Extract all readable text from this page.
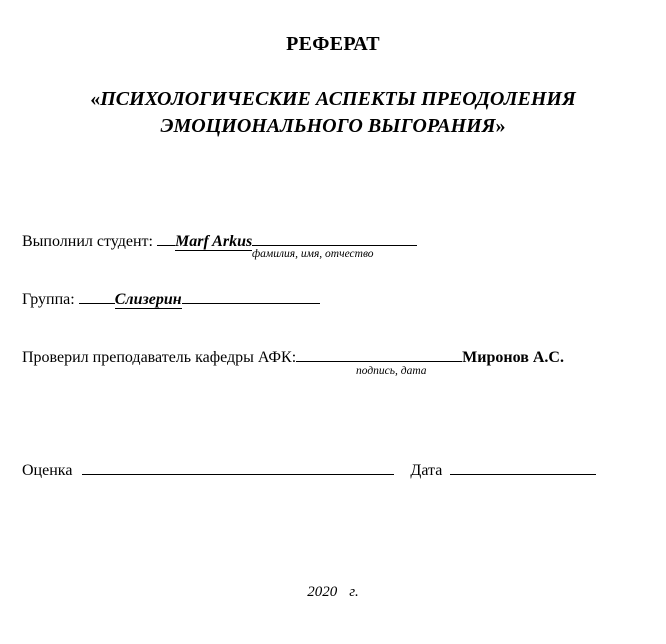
РЕФЕРАТ
«ПСИХОЛОГИЧЕСКИЕ АСПЕКТЫ ПРЕОДОЛЕНИЯ
ЭМОЦИОНАЛЬНОГО ВЫГОРАНИЯ»
Выполнил студент: Marf Arkus
фамилия, имя, отчество
Группа:	Слизерин
Проверил преподаватель кафедры АФК:	Миронов А.С.
подпись, дата
Оценка	Дата
2020 г.
